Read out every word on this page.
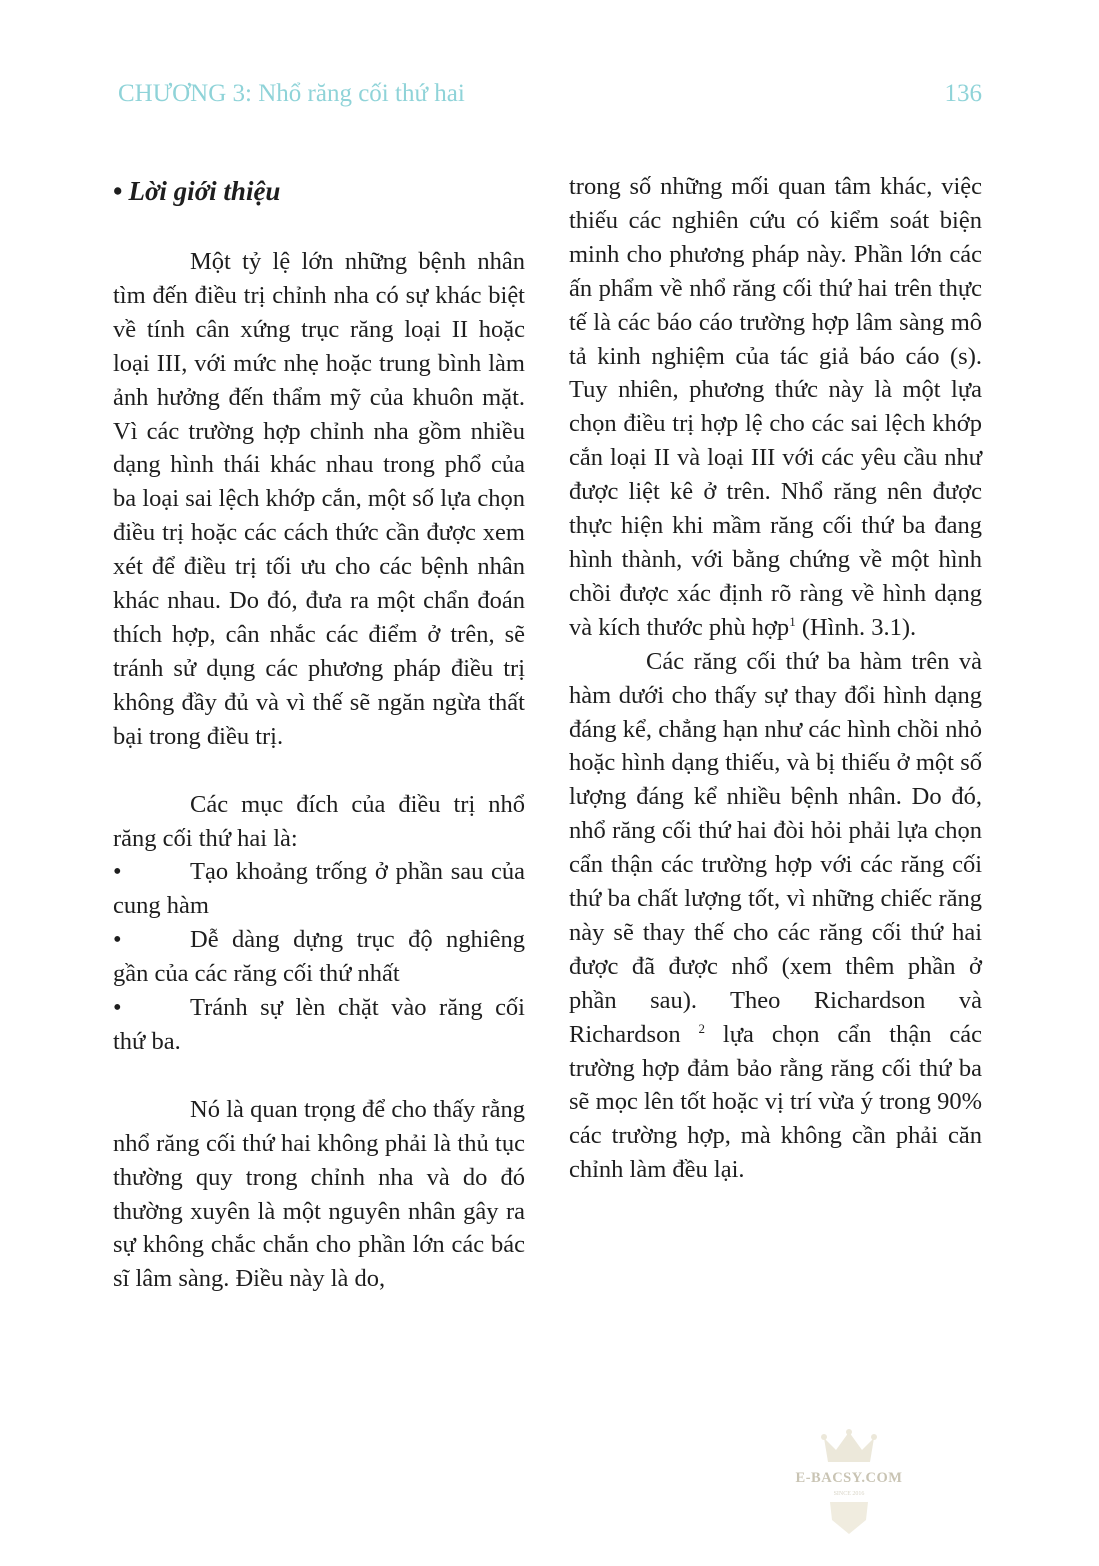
CHƯƠNG 3: Nhổ răng cối thứ hai	136
• Lời giới thiệu

Một tỷ lệ lớn những bệnh nhân tìm đến điều trị chỉnh nha có sự khác biệt về tính cân xứng trục răng loại II hoặc loại III, với mức nhẹ hoặc trung bình làm ảnh hưởng đến thẩm mỹ của khuôn mặt. Vì các trường hợp chỉnh nha gồm nhiều dạng hình thái khác nhau trong phổ của ba loại sai lệch khớp cắn, một số lựa chọn điều trị hoặc các cách thức cần được xem xét để điều trị tối ưu cho các bệnh nhân khác nhau. Do đó, đưa ra một chẩn đoán thích hợp, cân nhắc các điểm ở trên, sẽ tránh sử dụng các phương pháp điều trị không đầy đủ và vì thế sẽ ngăn ngừa thất bại trong điều trị.

Các mục đích của điều trị nhổ răng cối thứ hai là:

•	Tạo khoảng trống ở phần sau của cung hàm
•	Dễ dàng dựng trục độ nghiêng gần của các răng cối thứ nhất
•	Tránh sự lèn chặt vào răng cối thứ ba.

Nó là quan trọng để cho thấy rằng nhổ răng cối thứ hai không phải là thủ tục thường quy trong chỉnh nha và do đó thường xuyên là một nguyên nhân gây ra sự không chắc chắn cho phần lớn các bác sĩ lâm sàng. Điều này là do,

trong số những mối quan tâm khác, việc thiếu các nghiên cứu có kiểm soát biện minh cho phương pháp này. Phần lớn các ấn phẩm về nhổ răng cối thứ hai trên thực tế là các báo cáo trường hợp lâm sàng mô tả kinh nghiệm của tác giả báo cáo (s). Tuy nhiên, phương thức này là một lựa chọn điều trị hợp lệ cho các sai lệch khớp cắn loại II và loại III với các yêu cầu như được liệt kê ở trên. Nhổ răng nên được thực hiện khi mầm răng cối thứ ba đang hình thành, với bằng chứng về một hình chồi được xác định rõ ràng về hình dạng và kích thước phù hợp$^1$ (Hình. 3.1).

Các răng cối thứ ba hàm trên và hàm dưới cho thấy sự thay đổi hình dạng đáng kể, chẳng hạn như các hình chồi nhỏ hoặc hình dạng thiếu, và bị thiếu ở một số lượng đáng kể nhiều bệnh nhân. Do đó, nhổ răng cối thứ hai đòi hỏi phải lựa chọn cẩn thận các trường hợp với các răng cối thứ ba chất lượng tốt, vì những chiếc răng này sẽ thay thế cho các răng cối thứ hai được đã được nhổ (xem thêm phần ở phần sau). Theo Richardson và Richardson $^2$ lựa chọn cẩn thận các trường hợp đảm bảo rằng răng cối thứ ba sẽ mọc lên tốt hoặc vị trí vừa ý trong 90% các trường hợp, mà không cần phải căn chỉnh làm đều lại.

E-BACSY.COM
SINCE 2016
